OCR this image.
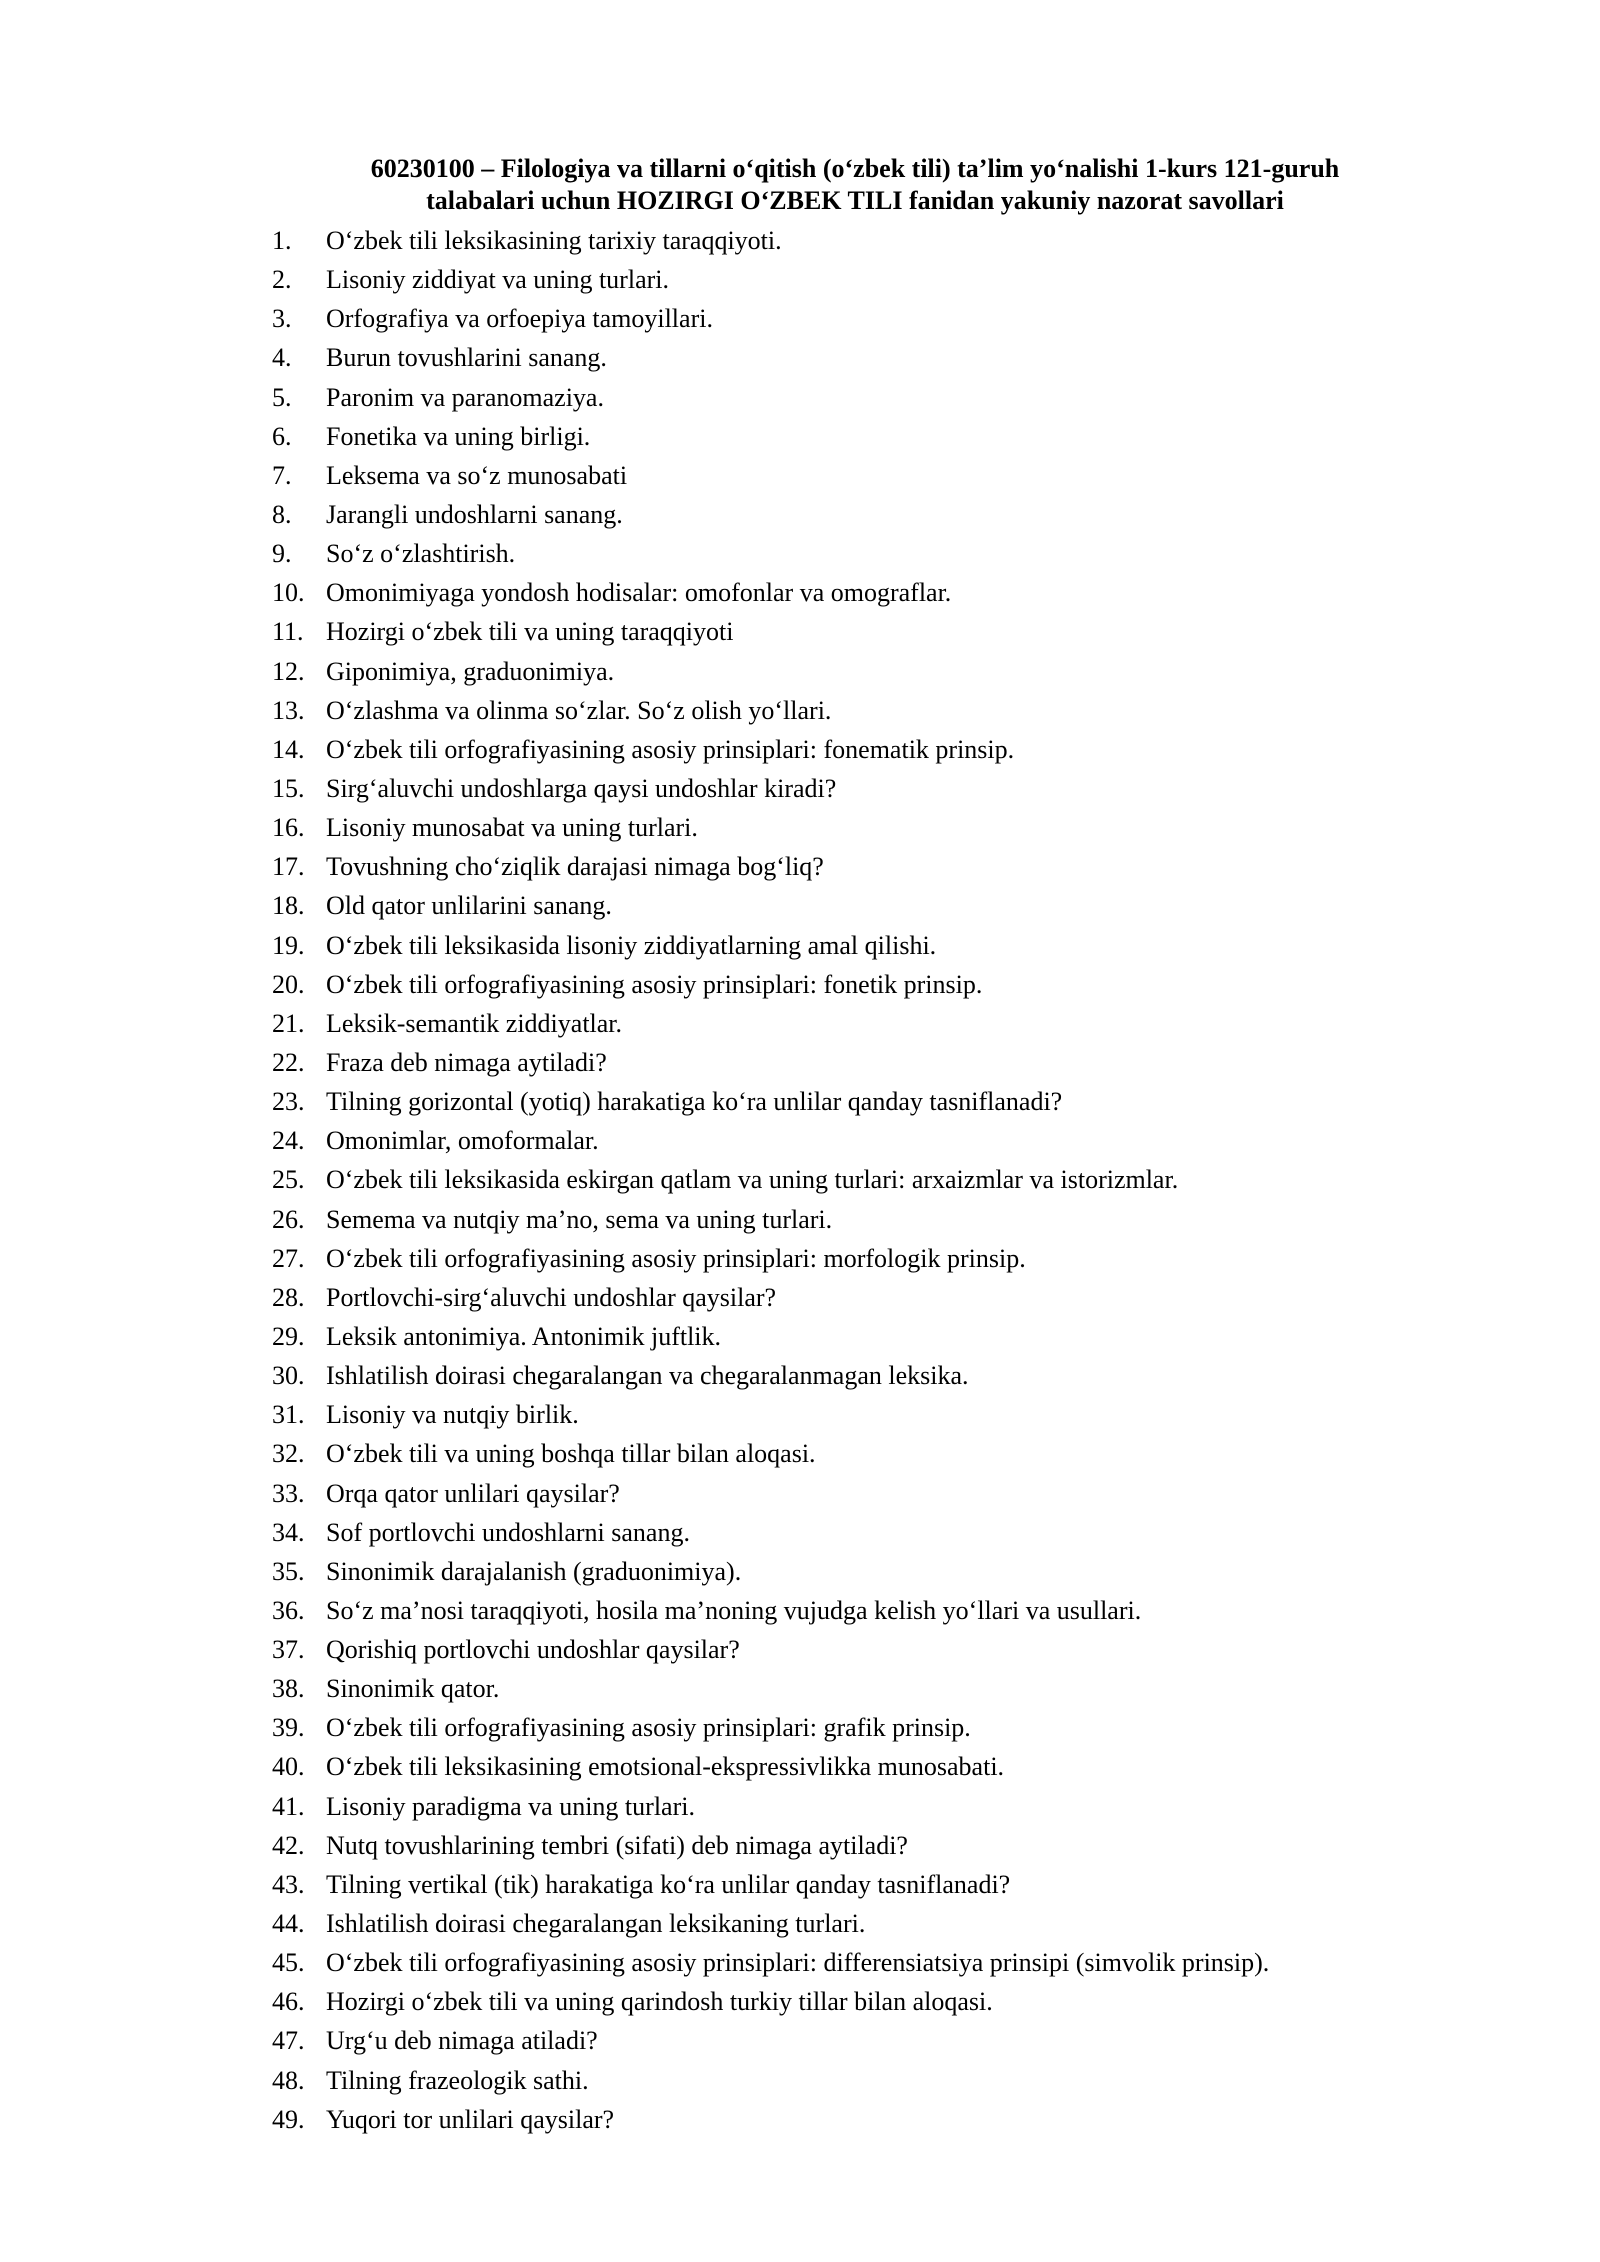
60230100 – Filologiya va tillarni o‘qitish (o‘zbek tili) ta’lim yo‘nalishi 1-kurs 121-guruh
talabalari uchun HOZIRGI O‘ZBEK TILI fanidan yakuniy nazorat savollari
1.	O‘zbek tili leksikasining tarixiy taraqqiyoti.
2.	Lisoniy ziddiyat va uning turlari.
3.	Orfografiya va orfoepiya tamoyillari.
4.	Burun tovushlarini sanang.
5.	Paronim va paranomaziya.
6.	Fonetika va uning birligi.
7.	Leksema va so‘z munosabati
8.	Jarangli undoshlarni sanang.
9.	So‘z o‘zlashtirish.
10. Omonimiyaga yondosh hodisalar: omofonlar va omograflar.
11. Hozirgi o‘zbek tili va uning taraqqiyoti
12. Giponimiya, graduonimiya.
13. O‘zlashma va olinma so‘zlar. So‘z olish yo‘llari.
14. O‘zbek tili orfografiyasining asosiy prinsiplari: fonematik prinsip.
15. Sirg‘aluvchi undoshlarga qaysi undoshlar kiradi?
16. Lisoniy munosabat va uning turlari.
17. Tovushning cho‘ziqlik darajasi nimaga bog‘liq?
18. Old qator unlilarini sanang.
19. O‘zbek tili leksikasida lisoniy ziddiyatlarning amal qilishi.
20. O‘zbek tili orfografiyasining asosiy prinsiplari: fonetik prinsip.
21. Leksik-semantik ziddiyatlar.
22. Fraza deb nimaga aytiladi?
23. Tilning gorizontal (yotiq) harakatiga ko‘ra unlilar qanday tasniflanadi?
24. Omonimlar, omoformalar.
25. O‘zbek tili leksikasida eskirgan qatlam va uning turlari: arxaizmlar va istorizmlar.
26. Semema va nutqiy ma’no, sema va uning turlari.
27. O‘zbek tili orfografiyasining asosiy prinsiplari: morfologik prinsip.
28. Portlovchi-sirg‘aluvchi undoshlar qaysilar?
29. Leksik antonimiya. Antonimik juftlik.
30. Ishlatilish doirasi chegaralangan va chegaralanmagan leksika.
31. Lisoniy va nutqiy birlik.
32. O‘zbek tili va uning boshqa tillar bilan aloqasi.
33. Orqa qator unlilari qaysilar?
34. Sof portlovchi undoshlarni sanang.
35. Sinonimik darajalanish (graduonimiya).
36. So‘z ma’nosi taraqqiyoti, hosila ma’noning vujudga kelish yo‘llari va usullari.
37. Qorishiq portlovchi undoshlar qaysilar?
38. Sinonimik qator.
39. O‘zbek tili orfografiyasining asosiy prinsiplari: grafik prinsip.
40. O‘zbek tili leksikasining emotsional-ekspressivlikka munosabati.
41. Lisoniy paradigma va uning turlari.
42. Nutq tovushlarining tembri (sifati) deb nimaga aytiladi?
43. Tilning vertikal (tik) harakatiga ko‘ra unlilar qanday tasniflanadi?
44. Ishlatilish doirasi chegaralangan leksikaning turlari.
45. O‘zbek tili orfografiyasining asosiy prinsiplari: differensiatsiya prinsipi (simvolik prinsip).
46. Hozirgi o‘zbek tili va uning qarindosh turkiy tillar bilan aloqasi.
47. Urg‘u deb nimaga atiladi?
48. Tilning frazeologik sathi.
49. Yuqori tor unlilari qaysilar?
